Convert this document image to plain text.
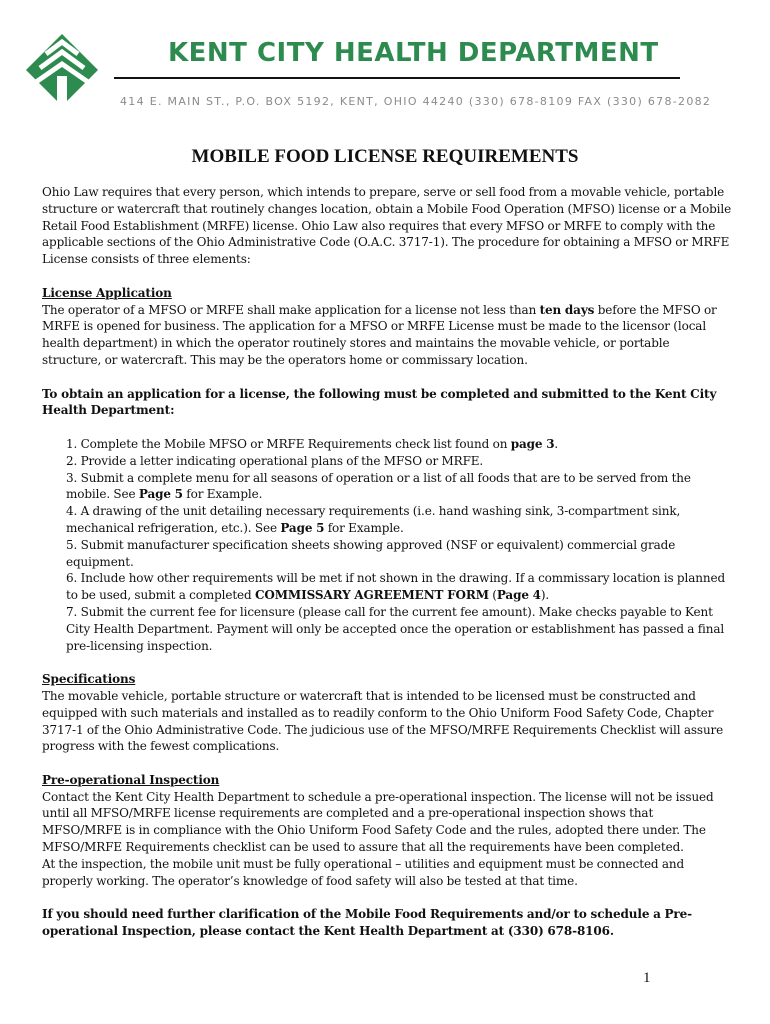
KENT CITY HEALTH DEPARTMENT
414 E. MAIN ST., P.O. BOX 5192, KENT, OHIO 44240 (330) 678-8109 FAX (330) 678-2082
MOBILE FOOD LICENSE REQUIREMENTS

Ohio Law requires that every person, which intends to prepare, serve or sell food from a movable vehicle, portable structure or watercraft that routinely changes location, obtain a Mobile Food Operation (MFSO) license or a Mobile Retail Food Establishment (MRFE) license. Ohio Law also requires that every MFSO or MRFE to comply with the applicable sections of the Ohio Administrative Code (O.A.C. 3717-1). The procedure for obtaining a MFSO or MRFE License consists of three elements:

License Application

The operator of a MFSO or MRFE shall make application for a license not less than ten days before the MFSO or MRFE is opened for business. The application for a MFSO or MRFE License must be made to the licensor (local health department) in which the operator routinely stores and maintains the movable vehicle, or portable structure, or watercraft. This may be the operators home or commissary location.

To obtain an application for a license, the following must be completed and submitted to the Kent City Health Department:

1. Complete the Mobile MFSO or MRFE Requirements check list found on page 3.

2. Provide a letter indicating operational plans of the MFSO or MRFE.

3. Submit a complete menu for all seasons of operation or a list of all foods that are to be served from the mobile. See Page 5 for Example.

4. A drawing of the unit detailing necessary requirements (i.e. hand washing sink, 3-compartment sink, mechanical refrigeration, etc.). See Page 5 for Example.

5. Submit manufacturer specification sheets showing approved (NSF or equivalent) commercial grade equipment.

6. Include how other requirements will be met if not shown in the drawing. If a commissary location is planned to be used, submit a completed COMMISSARY AGREEMENT FORM (Page 4).

7. Submit the current fee for licensure (please call for the current fee amount). Make checks payable to Kent City Health Department. Payment will only be accepted once the operation or establishment has passed a final pre-licensing inspection.

Specifications

The movable vehicle, portable structure or watercraft that is intended to be licensed must be constructed and equipped with such materials and installed as to readily conform to the Ohio Uniform Food Safety Code, Chapter 3717-1 of the Ohio Administrative Code. The judicious use of the MFSO/MRFE Requirements Checklist will assure progress with the fewest complications.

Pre-operational Inspection

Contact the Kent City Health Department to schedule a pre-operational inspection. The license will not be issued until all MFSO/MRFE license requirements are completed and a pre-operational inspection shows that MFSO/MRFE is in compliance with the Ohio Uniform Food Safety Code and the rules, adopted there under. The MFSO/MRFE Requirements checklist can be used to assure that all the requirements have been completed.

At the inspection, the mobile unit must be fully operational – utilities and equipment must be connected and properly working. The operator’s knowledge of food safety will also be tested at that time.

If you should need further clarification of the Mobile Food Requirements and/or to schedule a Pre-operational Inspection, please contact the Kent Health Department at (330) 678-8106.

1
